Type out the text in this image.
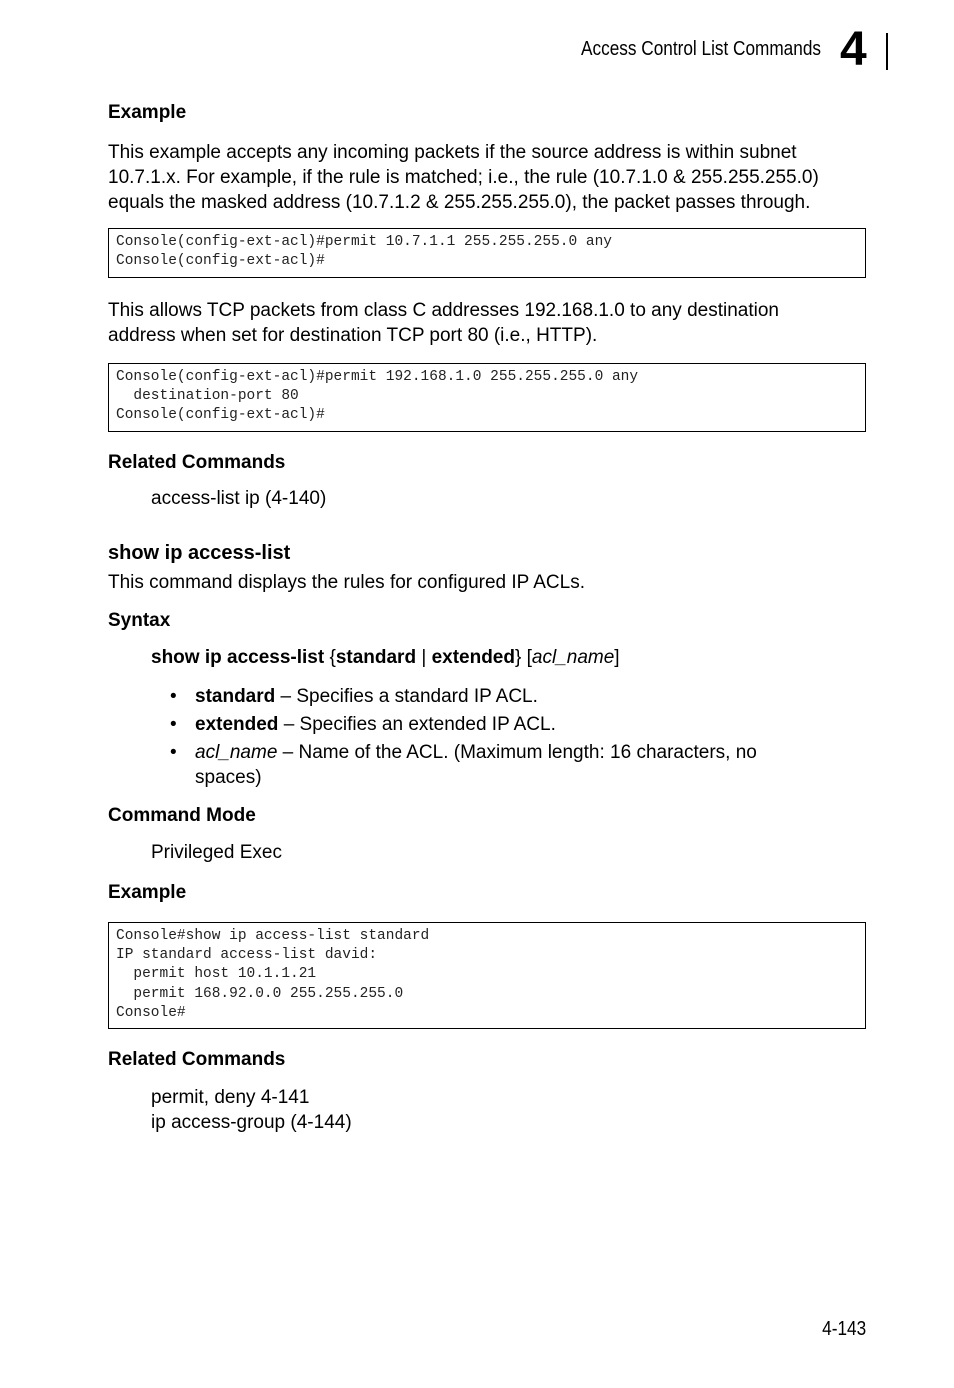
Access Control List Commands 4
Example
This example accepts any incoming packets if the source address is within subnet
10.7.1.x. For example, if the rule is matched; i.e., the rule (10.7.1.0 & 255.255.255.0)
equals the masked address (10.7.1.2 & 255.255.255.0), the packet passes through.
Console(config-ext-acl)#permit 10.7.1.1 255.255.255.0 any
Console(config-ext-acl)#
This allows TCP packets from class C addresses 192.168.1.0 to any destination
address when set for destination TCP port 80 (i.e., HTTP).
Console(config-ext-acl)#permit 192.168.1.0 255.255.255.0 any
destination-port 80
Console(config-ext-acl)#
Related Commands
access-list ip (4-140)
show ip access-list
This command displays the rules for configured IP ACLs.
Syntax
show ip access-list {standard | extended} [acl_name]
• standard – Specifies a standard IP ACL.
• extended – Specifies an extended IP ACL.
• acl_name – Name of the ACL. (Maximum length: 16 characters, no
spaces)
Command Mode
Privileged Exec
Example
Console#show ip access-list standard
IP standard access-list david:
permit host 10.1.1.21
permit 168.92.0.0 255.255.255.0
Console#
Related Commands
permit, deny 4-141
ip access-group (4-144)
4-143
